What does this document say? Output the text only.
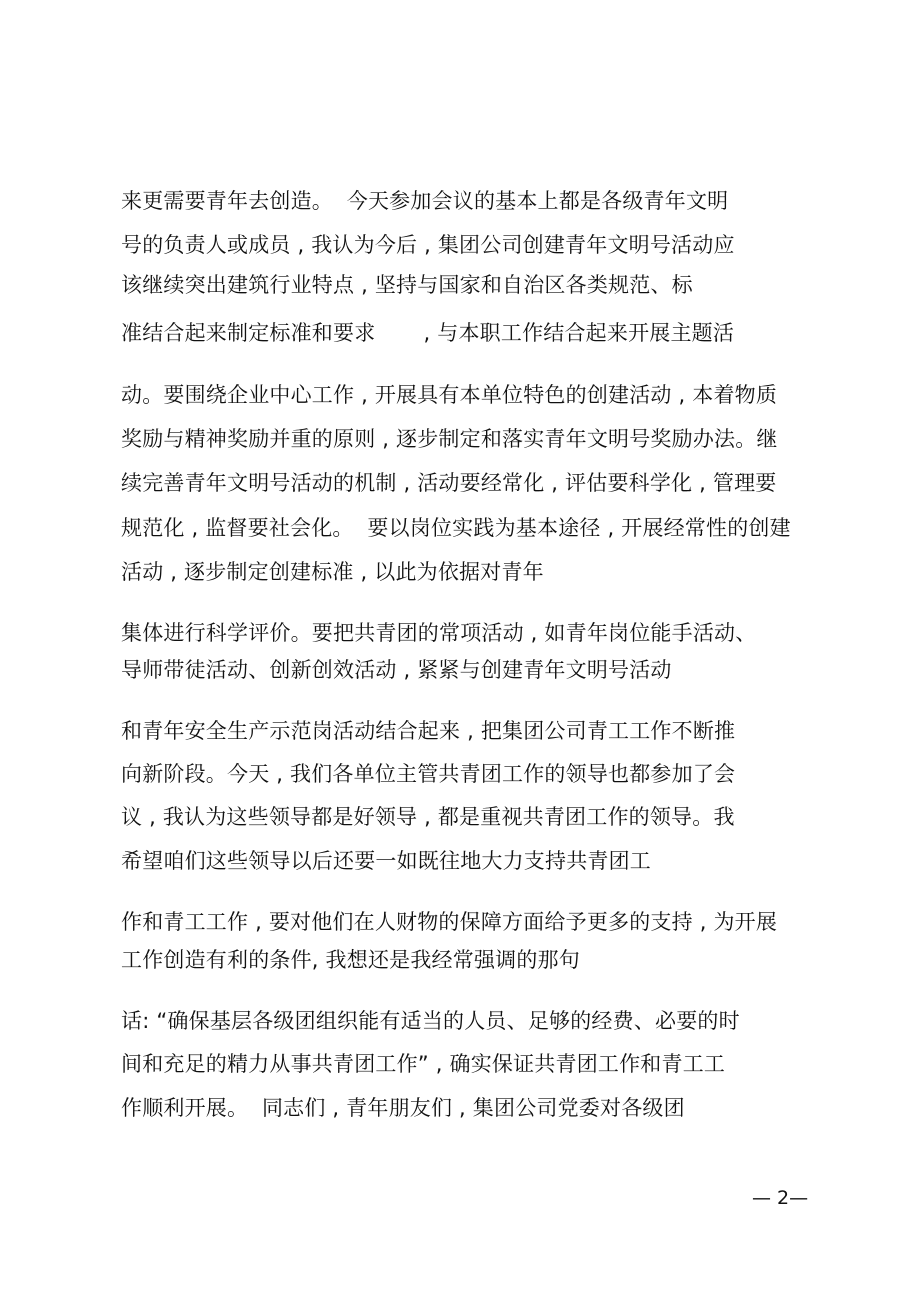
来更需要青年去创造。  今天参加会议的基本上都是各级青年文明
号的负责人或成员 , 我认为今后 , 集团公司创建青年文明号活动应
该继续突出建筑行业特点 , 坚持与国家和自治区各类规范、标
准结合起来制定标准和要求       , 与本职工作结合起来开展主题活
动。要围绕企业中心工作 , 开展具有本单位特色的创建活动 , 本着物质
奖励与精神奖励并重的原则 , 逐步制定和落实青年文明号奖励办法。继
续完善青年文明号活动的机制 , 活动要经常化 , 评估要科学化 , 管理要
规范化 , 监督要社会化。  要以岗位实践为基本途径 , 开展经常性的创建
活动 , 逐步制定创建标准 , 以此为依据对青年
集体进行科学评价。要把共青团的常项活动 , 如青年岗位能手活动、
导师带徒活动、创新创效活动 , 紧紧与创建青年文明号活动
和青年安全生产示范岗活动结合起来 , 把集团公司青工工作不断推
向新阶段。今天 , 我们各单位主管共青团工作的领导也都参加了会
议 , 我认为这些领导都是好领导 , 都是重视共青团工作的领导。我
希望咱们这些领导以后还要一如既往地大力支持共青团工
作和青工工作 , 要对他们在人财物的保障方面给予更多的支持 , 为开展
工作创造有利的条件, 我想还是我经常强调的那句
话: “确保基层各级团组织能有适当的人员、足够的经费、必要的时
间和充足的精力从事共青团工作” , 确实保证共青团工作和青工工
作顺利开展。  同志们 , 青年朋友们 , 集团公司党委对各级团
— 2—
